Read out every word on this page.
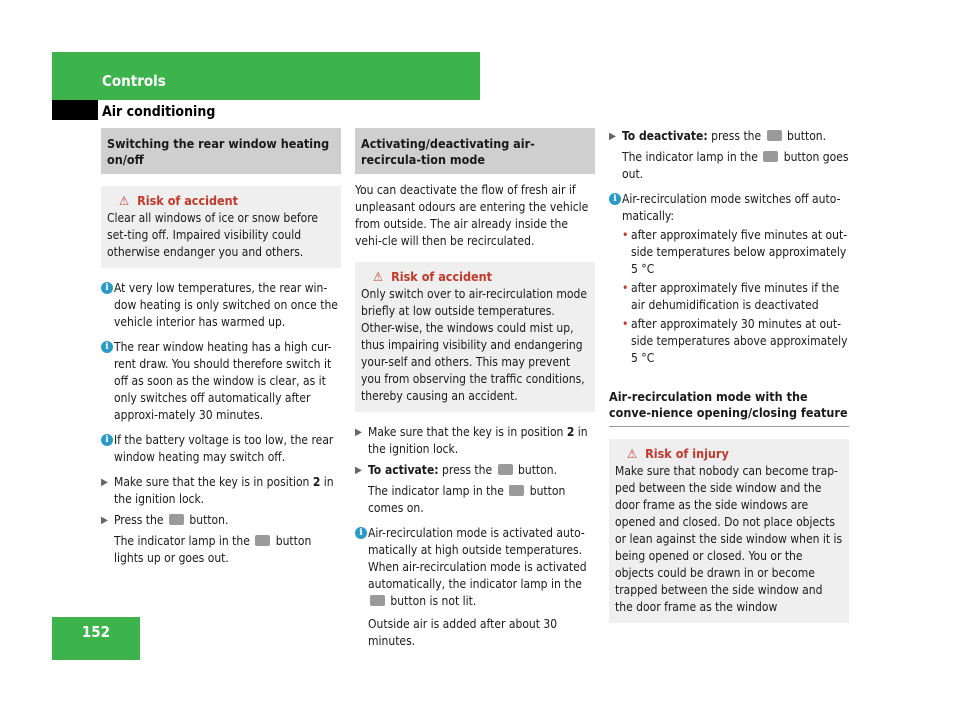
Controls
Air conditioning
Switching the rear window heating on/off
⚠ Risk of accident
Clear all windows of ice or snow before set-ting off. Impaired visibility could otherwise endanger you and others.
i At very low temperatures, the rear win-dow heating is only switched on once the vehicle interior has warmed up.
i The rear window heating has a high cur-rent draw. You should therefore switch it off as soon as the window is clear, as it only switches off automatically after approxi-mately 30 minutes.
i If the battery voltage is too low, the rear window heating may switch off.
▶ Make sure that the key is in position 2 in the ignition lock.
▶ Press the  button.
The indicator lamp in the  button lights up or goes out.
Activating/deactivating air-recircula-tion mode

You can deactivate the flow of fresh air if unpleasant odours are entering the vehicle from outside. The air already inside the vehi-cle will then be recirculated.

⚠ Risk of accident
Only switch over to air-recirculation mode briefly at low outside temperatures. Other-wise, the windows could mist up, thus impairing visibility and endangering your-self and others. This may prevent you from observing the traffic conditions, thereby causing an accident.
▶ Make sure that the key is in position 2 in the ignition lock.
▶ To activate: press the  button.
The indicator lamp in the  button comes on.
i Air-recirculation mode is activated auto-matically at high outside temperatures. When air-recirculation mode is activated automatically, the indicator lamp in the  button is not lit.
Outside air is added after about 30 minutes.
▶ To deactivate: press the  button.
The indicator lamp in the  button goes out.
i Air-recirculation mode switches off auto-matically:
• after approximately five minutes at out-side temperatures below approximately 5 °C
• after approximately five minutes if the air dehumidification is deactivated
• after approximately 30 minutes at out-side temperatures above approximately 5 °C
Air-recirculation mode with the conve-nience opening/closing feature
⚠ Risk of injury
Make sure that nobody can become trap-ped between the side window and the door frame as the side windows are opened and closed. Do not place objects or lean against the side window when it is being opened or closed. You or the objects could be drawn in or become trapped between the side window and the door frame as the window
152
